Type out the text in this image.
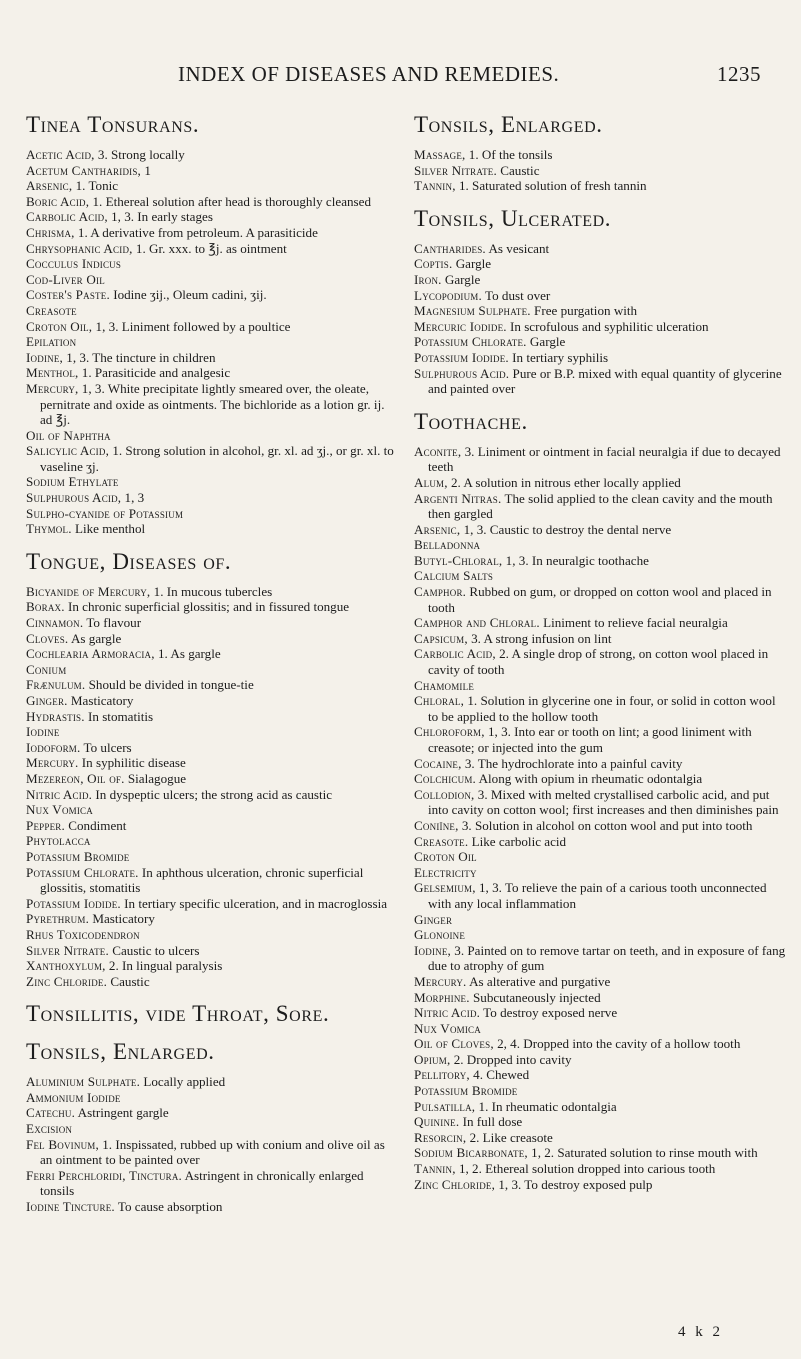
INDEX OF DISEASES AND REMEDIES.	1235
Tinea Tonsurans.
Acetic Acid, 3. Strong locally
Acetum Cantharidis, 1
Arsenic, 1. Tonic
Boric Acid, 1. Ethereal solution after head is thoroughly cleansed
Carbolic Acid, 1, 3. In early stages
Chrisma, 1. A derivative from petroleum. A parasiticide
Chrysophanic Acid, 1. Gr. xxx. to ℥j. as ointment
Cocculus Indicus
Cod-Liver Oil
Coster's Paste. Iodine ʒij., Oleum cadini, ʒij.
Creasote
Croton Oil, 1, 3. Liniment followed by a poultice
Epilation
Iodine, 1, 3. The tincture in children
Menthol, 1. Parasiticide and analgesic
Mercury, 1, 3. White precipitate lightly smeared over, the oleate, pernitrate and oxide as ointments. The bichloride as a lotion gr. ij. ad ℥j.
Oil of Naphtha
Salicylic Acid, 1. Strong solution in alcohol, gr. xl. ad ʒj., or gr. xl. to vaseline ʒj.
Sodium Ethylate
Sulphurous Acid, 1, 3
Sulpho-cyanide of Potassium
Thymol. Like menthol
Tongue, Diseases of.
Bicyanide of Mercury, 1. In mucous tubercles
Borax. In chronic superficial glossitis; and in fissured tongue
Cinnamon. To flavour
Cloves. As gargle
Cochlearia Armoracia, 1. As gargle
Conium
Frænulum. Should be divided in tongue-tie
Ginger. Masticatory
Hydrastis. In stomatitis
Iodine
Iodoform. To ulcers
Mercury. In syphilitic disease
Mezereon, Oil of. Sialagogue
Nitric Acid. In dyspeptic ulcers; the strong acid as caustic
Nux Vomica
Pepper. Condiment
Phytolacca
Potassium Bromide
Potassium Chlorate. In aphthous ulceration, chronic superficial glossitis, stomatitis
Potassium Iodide. In tertiary specific ulceration, and in macroglossia
Pyrethrum. Masticatory
Rhus Toxicodendron
Silver Nitrate. Caustic to ulcers
Xanthoxylum, 2. In lingual paralysis
Zinc Chloride. Caustic
Tonsillitis, vide Throat, Sore.
Tonsils, Enlarged.
Aluminium Sulphate. Locally applied
Ammonium Iodide
Catechu. Astringent gargle
Excision
Fel Bovinum, 1. Inspissated, rubbed up with conium and olive oil as an ointment to be painted over
Ferri Perchloridi, Tinctura. Astringent in chronically enlarged tonsils
Iodine Tincture. To cause absorption
Tonsils, Enlarged.
Massage, 1. Of the tonsils
Silver Nitrate. Caustic
Tannin, 1. Saturated solution of fresh tannin
Tonsils, Ulcerated.
Cantharides. As vesicant
Coptis. Gargle
Iron. Gargle
Lycopodium. To dust over
Magnesium Sulphate. Free purgation with
Mercuric Iodide. In scrofulous and syphilitic ulceration
Potassium Chlorate. Gargle
Potassium Iodide. In tertiary syphilis
Sulphurous Acid. Pure or B.P. mixed with equal quantity of glycerine and painted over
Toothache.
Aconite, 3. Liniment or ointment in facial neuralgia if due to decayed teeth
Alum, 2. A solution in nitrous ether locally applied
Argenti Nitras. The solid applied to the clean cavity and the mouth then gargled
Arsenic, 1, 3. Caustic to destroy the dental nerve
Belladonna
Butyl-Chloral, 1, 3. In neuralgic toothache
Calcium Salts
Camphor. Rubbed on gum, or dropped on cotton wool and placed in tooth
Camphor and Chloral. Liniment to relieve facial neuralgia
Capsicum, 3. A strong infusion on lint
Carbolic Acid, 2. A single drop of strong, on cotton wool placed in cavity of tooth
Chamomile
Chloral, 1. Solution in glycerine one in four, or solid in cotton wool to be applied to the hollow tooth
Chloroform, 1, 3. Into ear or tooth on lint; a good liniment with creasote; or injected into the gum
Cocaine, 3. The hydrochlorate into a painful cavity
Colchicum. Along with opium in rheumatic odontalgia
Collodion, 3. Mixed with melted crystallised carbolic acid, and put into cavity on cotton wool; first increases and then diminishes pain
Coniïne, 3. Solution in alcohol on cotton wool and put into tooth
Creasote. Like carbolic acid
Croton Oil
Electricity
Gelsemium, 1, 3. To relieve the pain of a carious tooth unconnected with any local inflammation
Ginger
Glonoine
Iodine, 3. Painted on to remove tartar on teeth, and in exposure of fang due to atrophy of gum
Mercury. As alterative and purgative
Morphine. Subcutaneously injected
Nitric Acid. To destroy exposed nerve
Nux Vomica
Oil of Cloves, 2, 4. Dropped into the cavity of a hollow tooth
Opium, 2. Dropped into cavity
Pellitory, 4. Chewed
Potassium Bromide
Pulsatilla, 1. In rheumatic odontalgia
Quinine. In full dose
Resorcin, 2. Like creasote
Sodium Bicarbonate, 1, 2. Saturated solution to rinse mouth with
Tannin, 1, 2. Ethereal solution dropped into carious tooth
Zinc Chloride, 1, 3. To destroy exposed pulp
4 k 2
